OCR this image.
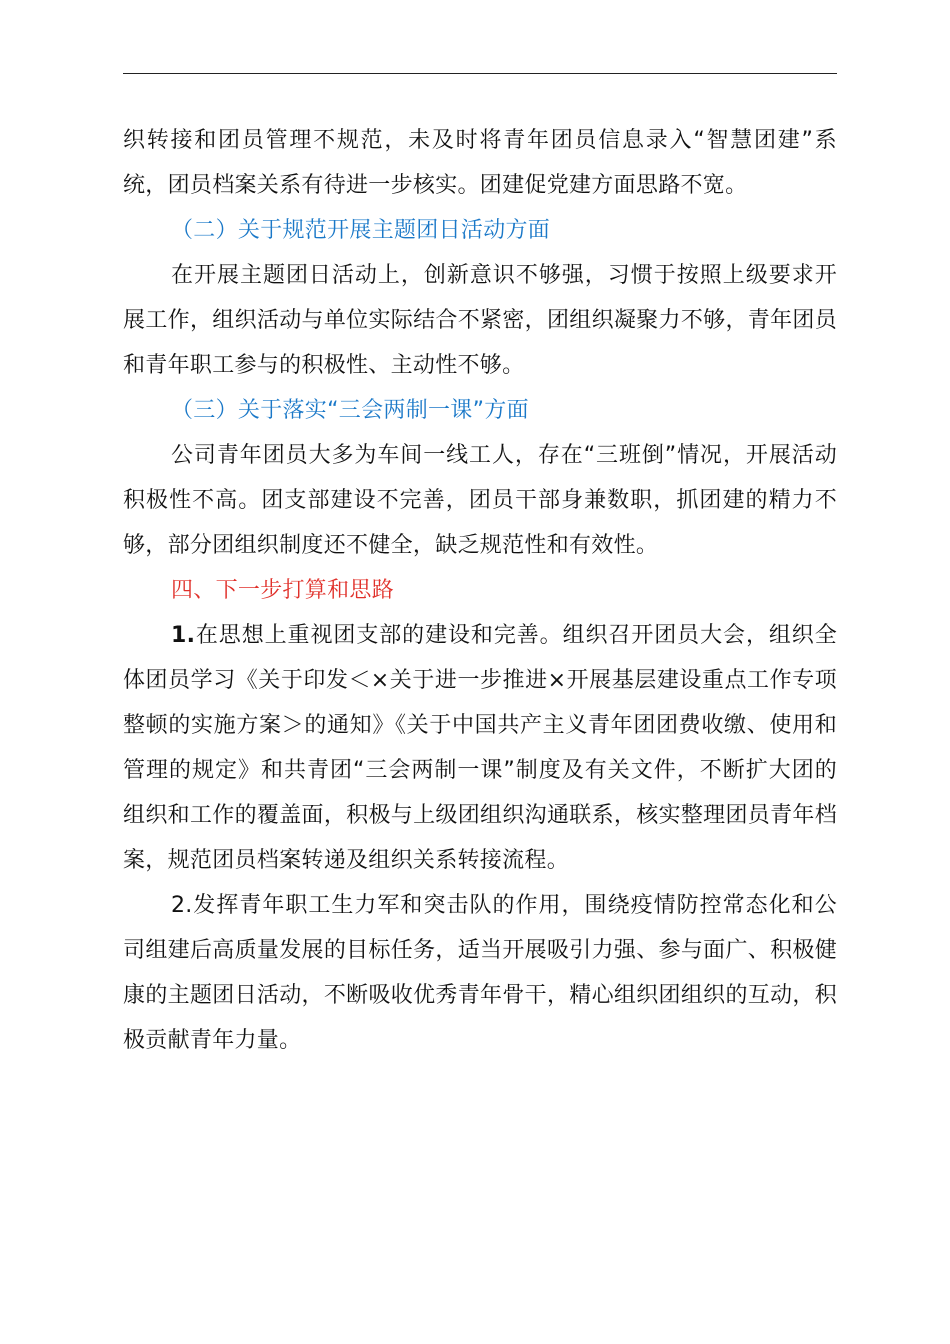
织转接和团员管理不规范，未及时将青年团员信息录入“智慧团建”系统，团员档案关系有待进一步核实。团建促党建方面思路不宽。

（二）关于规范开展主题团日活动方面

在开展主题团日活动上，创新意识不够强，习惯于按照上级要求开展工作，组织活动与单位实际结合不紧密，团组织凝聚力不够，青年团员和青年职工参与的积极性、主动性不够。

（三）关于落实“三会两制一课”方面

公司青年团员大多为车间一线工人，存在“三班倒”情况，开展活动积极性不高。团支部建设不完善，团员干部身兼数职，抓团建的精力不够，部分团组织制度还不健全，缺乏规范性和有效性。

四、下一步打算和思路

1.在思想上重视团支部的建设和完善。组织召开团员大会，组织全体团员学习《关于印发＜×关于进一步推进×开展基层建设重点工作专项整顿的实施方案＞的通知》《关于中国共产主义青年团团费收缴、使用和管理的规定》和共青团“三会两制一课”制度及有关文件，不断扩大团的组织和工作的覆盖面，积极与上级团组织沟通联系，核实整理团员青年档案，规范团员档案转递及组织关系转接流程。

2.发挥青年职工生力军和突击队的作用，围绕疫情防控常态化和公司组建后高质量发展的目标任务，适当开展吸引力强、参与面广、积极健康的主题团日活动，不断吸收优秀青年骨干，精心组织团组织的互动，积极贡献青年力量。
